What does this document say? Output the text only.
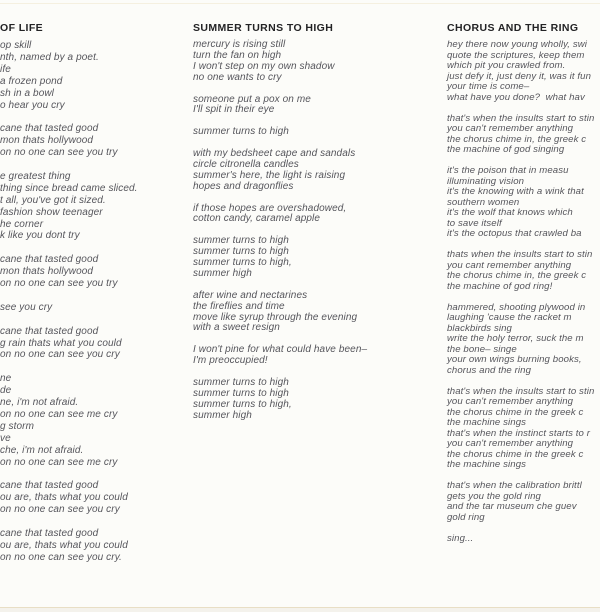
OF LIFE
op skill
nth, named by a poet.
ife
a frozen pond
sh in a bowl
o hear you cry
cane that tasted good
mon thats hollywood
on no one can see you try
e greatest thing
thing since bread came sliced.
t all, you've got it sized.
fashion show teenager
he corner
k like you dont try
cane that tasted good
mon thats hollywood
on no one can see you try
see you cry
cane that tasted good
g rain thats what you could
on no one can see you cry
ne
de
ne, i'm not afraid.
on no one can see me cry
g storm
ve
che, i'm not afraid.
on no one can see me cry
cane that tasted good
ou are, thats what you could
on no one can see you cry
cane that tasted good
ou are, thats what you could
on no one can see you cry.
SUMMER TURNS TO HIGH
mercury is rising still
turn the fan on high
I won't step on my own shadow
no one wants to cry
someone put a pox on me
I'll spit in their eye
summer turns to high
with my bedsheet cape and sandals
circle citronella candles
summer's here, the light is raising
hopes and dragonflies
if those hopes are overshadowed,
cotton candy, caramel apple
summer turns to high
summer turns to high
summer turns to high,
summer high
after wine and nectarines
the fireflies and time
move like syrup through the evening
with a sweet resign
I won't pine for what could have been–
I'm preoccupied!
summer turns to high
summer turns to high
summer turns to high,
summer high
CHORUS AND THE RING
hey there now young wholly, swi
quote the scriptures, keep them
which pit you crawled from.
just defy it, just deny it, was it fun
your time is come–
what have you done?  what hav
that's when the insults start to stin
you can't remember anything
the chorus chime in, the greek c
the machine of god singing
it's the poison that in measu
illuminating vision
it's the knowing with a wink that
southern women
it's the wolf that knows which
to save itself
it's the octopus that crawled ba
thats when the insults start to stin
you cant remember anything
the chorus chime in, the greek c
the machine of god ring!
hammered, shooting plywood in
laughing 'cause the racket m
blackbirds sing
write the holy terror, suck the m
the bone– singe
your own wings burning books,
chorus and the ring
that's when the insults start to stin
you can't remember anything
the chorus chime in the greek c
the machine sings
that's when the instinct starts to r
you can't remember anything
the chorus chime in the greek c
the machine sings
that's when the calibration brittl
gets you the gold ring
and the tar museum che guev
gold ring
sing...
